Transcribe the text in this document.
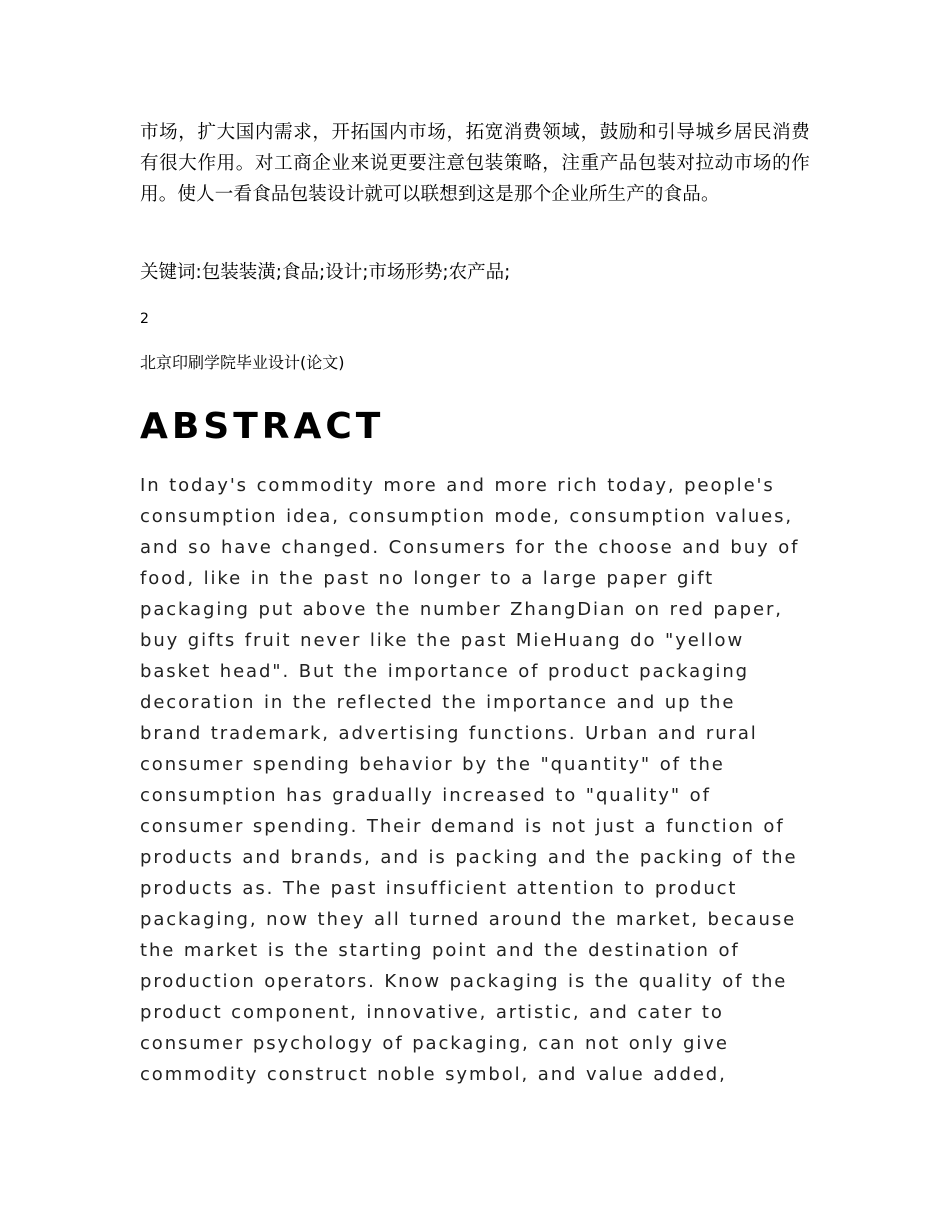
市场，扩大国内需求，开拓国内市场，拓宽消费领域，鼓励和引导城乡居民消费有很大作用。对工商企业来说更要注意包装策略，注重产品包装对拉动市场的作用。使人一看食品包装设计就可以联想到这是那个企业所生产的食品。

关键词:包装装潢;食品;设计;市场形势;农产品;

2

北京印刷学院毕业设计(论文)

ABSTRACT

In today's commodity more and more rich today, people's
consumption idea, consumption mode, consumption values,
and so have changed. Consumers for the choose and buy of
food, like in the past no longer to a large paper gift
packaging put above the number ZhangDian on red paper,
buy gifts fruit never like the past MieHuang do "yellow
basket head". But the importance of product packaging
decoration in the reflected the importance and up the
brand trademark, advertising functions. Urban and rural
consumer spending behavior by the "quantity" of the
consumption has gradually increased to "quality" of
consumer spending. Their demand is not just a function of
products and brands, and is packing and the packing of the
products as. The past insufficient attention to product
packaging, now they all turned around the market, because
the market is the starting point and the destination of
production operators. Know packaging is the quality of the
product component, innovative, artistic, and cater to
consumer psychology of packaging, can not only give
commodity construct noble symbol, and value added,
